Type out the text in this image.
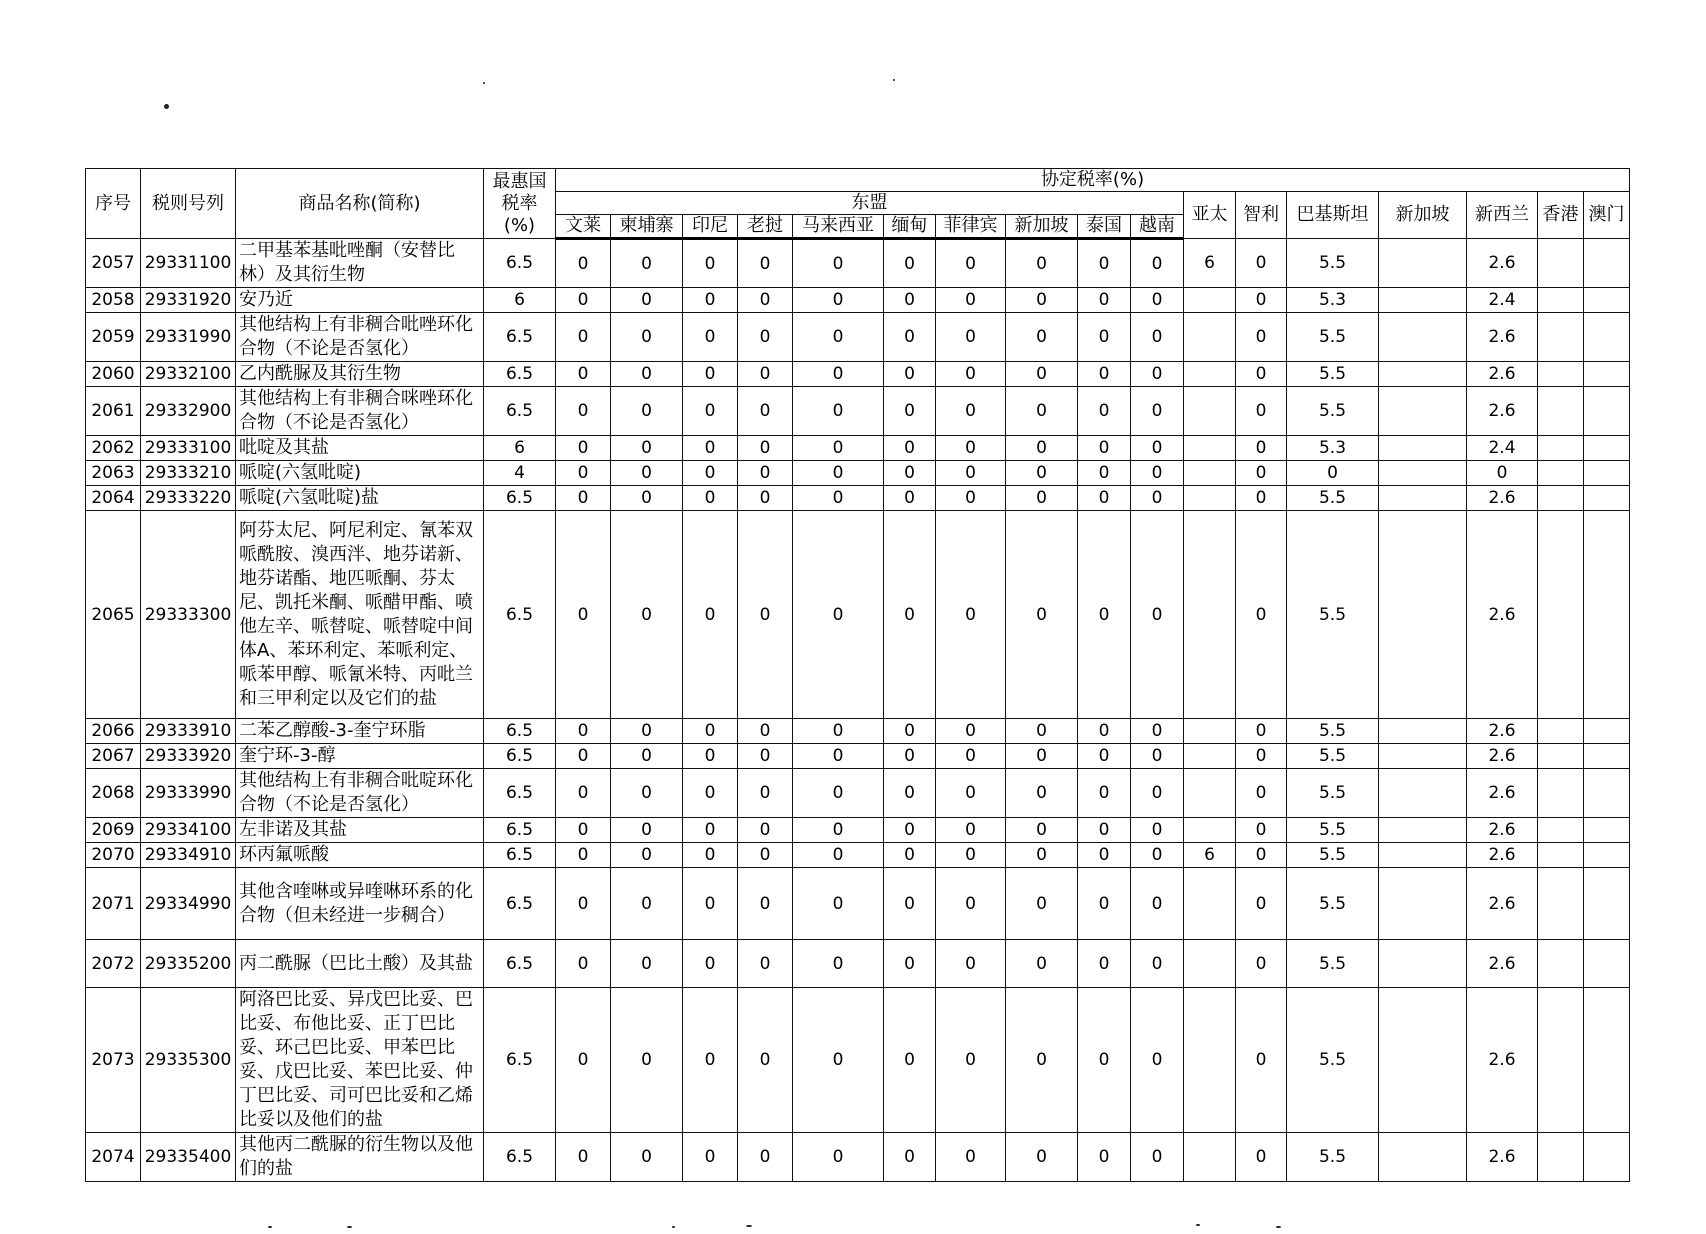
序号	税则号列	商品名称(简称)	最惠国税率(%)	协定税率(%)																
				东盟										亚太	智利	巴基斯坦	新加坡	新西兰	香港	澳门
				文莱	柬埔寨	印尼	老挝	马来西亚	缅甸	菲律宾	新加坡	泰国	越南							
2057	29331100	二甲基苯基吡唑酮（安替比林）及其衍生物	6.5	0	0	0	0	0	0	0	0	0	0	6	0	5.5		2.6		
2058	29331920	安乃近	6	0	0	0	0	0	0	0	0	0	0		0	5.3		2.4		
2059	29331990	其他结构上有非稠合吡唑环化合物（不论是否氢化）	6.5	0	0	0	0	0	0	0	0	0	0		0	5.5		2.6		
2060	29332100	乙内酰脲及其衍生物	6.5	0	0	0	0	0	0	0	0	0	0		0	5.5		2.6		
2061	29332900	其他结构上有非稠合咪唑环化合物（不论是否氢化）	6.5	0	0	0	0	0	0	0	0	0	0		0	5.5		2.6		
2062	29333100	吡啶及其盐	6	0	0	0	0	0	0	0	0	0	0		0	5.3		2.4		
2063	29333210	哌啶(六氢吡啶)	4	0	0	0	0	0	0	0	0	0	0		0	0		0		
2064	29333220	哌啶(六氢吡啶)盐	6.5	0	0	0	0	0	0	0	0	0	0		0	5.5		2.6		
2065	29333300	阿芬太尼、阿尼利定、氰苯双哌酰胺、溴西泮、地芬诺新、地芬诺酯、地匹哌酮、芬太尼、凯托米酮、哌醋甲酯、喷他左辛、哌替啶、哌替啶中间体A、苯环利定、苯哌利定、哌苯甲醇、哌氰米特、丙吡兰和三甲利定以及它们的盐	6.5	0	0	0	0	0	0	0	0	0	0		0	5.5		2.6		
2066	29333910	二苯乙醇酸-3-奎宁环脂	6.5	0	0	0	0	0	0	0	0	0	0		0	5.5		2.6		
2067	29333920	奎宁环-3-醇	6.5	0	0	0	0	0	0	0	0	0	0		0	5.5		2.6		
2068	29333990	其他结构上有非稠合吡啶环化合物（不论是否氢化）	6.5	0	0	0	0	0	0	0	0	0	0		0	5.5		2.6		
2069	29334100	左非诺及其盐	6.5	0	0	0	0	0	0	0	0	0	0		0	5.5		2.6		
2070	29334910	环丙氟哌酸	6.5	0	0	0	0	0	0	0	0	0	0	6	0	5.5		2.6		
2071	29334990	其他含喹啉或异喹啉环系的化合物（但未经进一步稠合）	6.5	0	0	0	0	0	0	0	0	0	0		0	5.5		2.6		
2072	29335200	丙二酰脲（巴比土酸）及其盐	6.5	0	0	0	0	0	0	0	0	0	0		0	5.5		2.6		
2073	29335300	阿洛巴比妥、异戊巴比妥、巴比妥、布他比妥、正丁巴比妥、环己巴比妥、甲苯巴比妥、戊巴比妥、苯巴比妥、仲丁巴比妥、司可巴比妥和乙烯比妥以及他们的盐	6.5	0	0	0	0	0	0	0	0	0	0		0	5.5		2.6		
2074	29335400	其他丙二酰脲的衍生物以及他们的盐	6.5	0	0	0	0	0	0	0	0	0	0		0	5.5		2.6		
